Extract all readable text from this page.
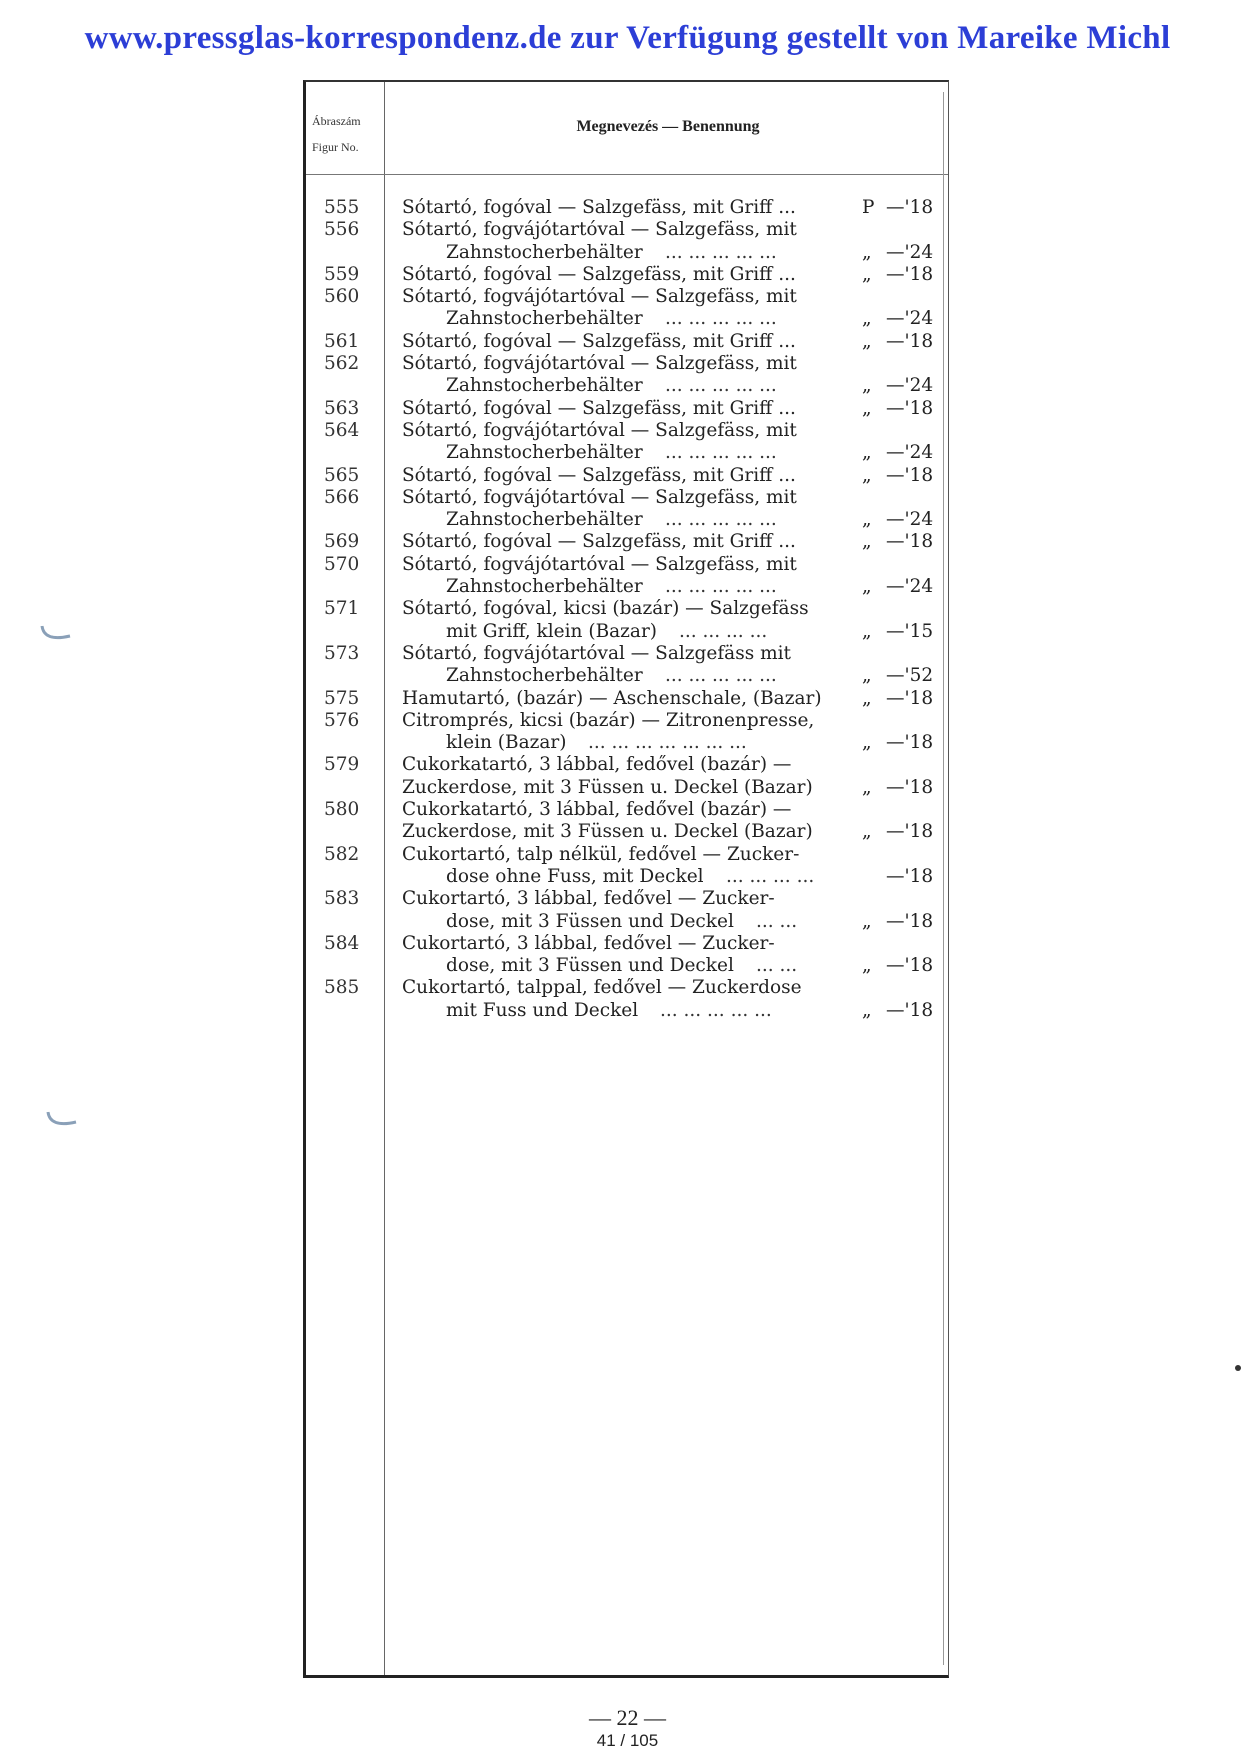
www.pressglas-korrespondenz.de zur Verfügung gestellt von Mareike Michl
Ábraszám
Figur No.
Megnevezés — Benennung
555	Sótartó, fogóval — Salzgefäss, mit Griff ...	P —'18
556	Sótartó, fogvájótartóval — Salzgefäss, mit
Zahnstocherbehälter ... ... ... ... ...	„ —'24
559	Sótartó, fogóval — Salzgefäss, mit Griff ...	„ —'18
560	Sótartó, fogvájótartóval — Salzgefäss, mit
Zahnstocherbehälter ... ... ... ... ...	„ —'24
561	Sótartó, fogóval — Salzgefäss, mit Griff ...	„ —'18
562	Sótartó, fogvájótartóval — Salzgefäss, mit
Zahnstocherbehälter ... ... ... ... ...	„ —'24
563	Sótartó, fogóval — Salzgefäss, mit Griff ...	„ —'18
564	Sótartó, fogvájótartóval — Salzgefäss, mit
Zahnstocherbehälter ... ... ... ... ...	„ —'24
565	Sótartó, fogóval — Salzgefäss, mit Griff ...	„ —'18
566	Sótartó, fogvájótartóval — Salzgefäss, mit
Zahnstocherbehälter ... ... ... ... ...	„ —'24
569	Sótartó, fogóval — Salzgefäss, mit Griff ...	„ —'18
570	Sótartó, fogvájótartóval — Salzgefäss, mit
Zahnstocherbehälter ... ... ... ... ...	„ —'24
571	Sótartó, fogóval, kicsi (bazár) — Salzgefäss
mit Griff, klein (Bazar) ... ... ... ...	„ —'15
573	Sótartó, fogvájótartóval — Salzgefäss mit
Zahnstocherbehälter ... ... ... ... ...	„ —'52
575	Hamutartó, (bazár) — Aschenschale, (Bazar) „ —'18
576	Citromprés, kicsi (bazár) — Zitronenpresse,
klein (Bazar) ... ... ... ... ... ... ...	„ —'18
579	Cukorkatartó, 3 lábbal, fedővel (bazár) —
Zuckerdose, mit 3 Füssen u. Deckel (Bazar)	„ —'18
580	Cukorkatartó, 3 lábbal, fedővel (bazár) —
Zuckerdose, mit 3 Füssen u. Deckel (Bazar)	„ —'18
582	Cukortartó, talp nélkül, fedővel — Zucker-
dose ohne Fuss, mit Deckel ... ... ... ...	—'18
583	Cukortartó, 3 lábbal, fedővel — Zucker-
dose, mit 3 Füssen und Deckel ... ...	„ —'18
584	Cukortartó, 3 lábbal, fedővel — Zucker-
dose, mit 3 Füssen und Deckel ... ...	„ —'18
585	Cukortartó, talppal, fedővel — Zuckerdose
mit Fuss und Deckel ... ... ... ... ...	„ —'18
— 22 —
41 / 105
